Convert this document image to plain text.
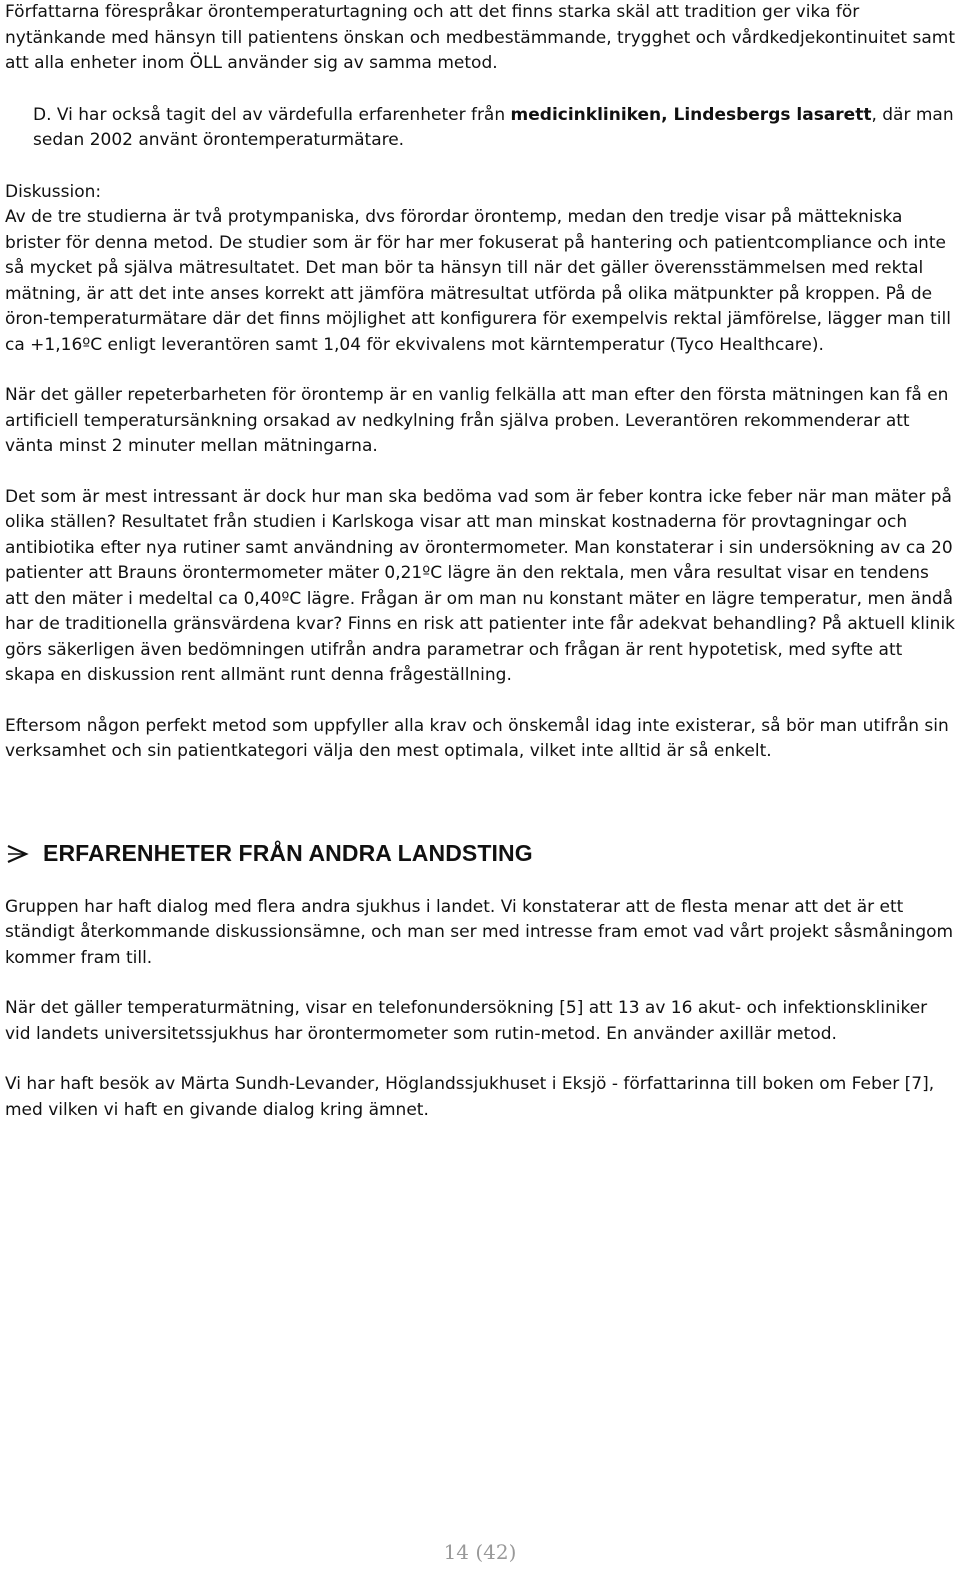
Författarna förespråkar örontemperaturtagning och att det finns starka skäl att tradition ger vika för nytänkande med hänsyn till patientens önskan och medbestämmande, trygghet och vårdkedjekontinuitet samt att alla enheter inom ÖLL använder sig av samma metod.

D. Vi har också tagit del av värdefulla erfarenheter från medicinkliniken, Lindesbergs lasarett, där man sedan 2002 använt örontemperaturmätare.

Diskussion:

Av de tre studierna är två protympaniska, dvs förordar örontemp, medan den tredje visar på mättekniska brister för denna metod. De studier som är för har mer fokuserat på hantering och patientcompliance och inte så mycket på själva mätresultatet. Det man bör ta hänsyn till när det gäller överensstämmelsen med rektal mätning, är att det inte anses korrekt att jämföra mätresultat utförda på olika mätpunkter på kroppen. På de öron-temperaturmätare där det finns möjlighet att konfigurera för exempelvis rektal jämförelse, lägger man till ca +1,16ºC enligt leverantören samt 1,04 för ekvivalens mot kärntemperatur (Tyco Healthcare).

När det gäller repeterbarheten för örontemp är en vanlig felkälla att man efter den första mätningen kan få en artificiell temperatursänkning orsakad av nedkylning från själva proben. Leverantören rekommenderar att vänta minst 2 minuter mellan mätningarna.

Det som är mest intressant är dock hur man ska bedöma vad som är feber kontra icke feber när man mäter på olika ställen? Resultatet från studien i Karlskoga visar att man minskat kostnaderna för provtagningar och antibiotika efter nya rutiner samt användning av örontermometer. Man konstaterar i sin undersökning av ca 20 patienter att Brauns örontermometer mäter 0,21ºC lägre än den rektala, men våra resultat visar en tendens att den mäter i medeltal ca 0,40ºC lägre. Frågan är om man nu konstant mäter en lägre temperatur, men ändå har de traditionella gränsvärdena kvar? Finns en risk att patienter inte får adekvat behandling? På aktuell klinik görs säkerligen även bedömningen utifrån andra parametrar och frågan är rent hypotetisk, med syfte att skapa en diskussion rent allmänt runt denna frågeställning.

Eftersom någon perfekt metod som uppfyller alla krav och önskemål idag inte existerar, så bör man utifrån sin verksamhet och sin patientkategori välja den mest optimala, vilket inte alltid är så enkelt.

ERFARENHETER FRÅN ANDRA LANDSTING

Gruppen har haft dialog med flera andra sjukhus i landet. Vi konstaterar att de flesta menar att det är ett ständigt återkommande diskussionsämne, och man ser med intresse fram emot vad vårt projekt såsmåningom kommer fram till.

När det gäller temperaturmätning, visar en telefonundersökning [5] att 13 av 16 akut- och infektionskliniker vid landets universitetssjukhus har örontermometer som rutin-metod. En använder axillär metod.

Vi har haft besök av Märta Sundh-Levander, Höglandssjukhuset i Eksjö - författarinna till boken om Feber [7], med vilken vi haft en givande dialog kring ämnet.

14 (42)
